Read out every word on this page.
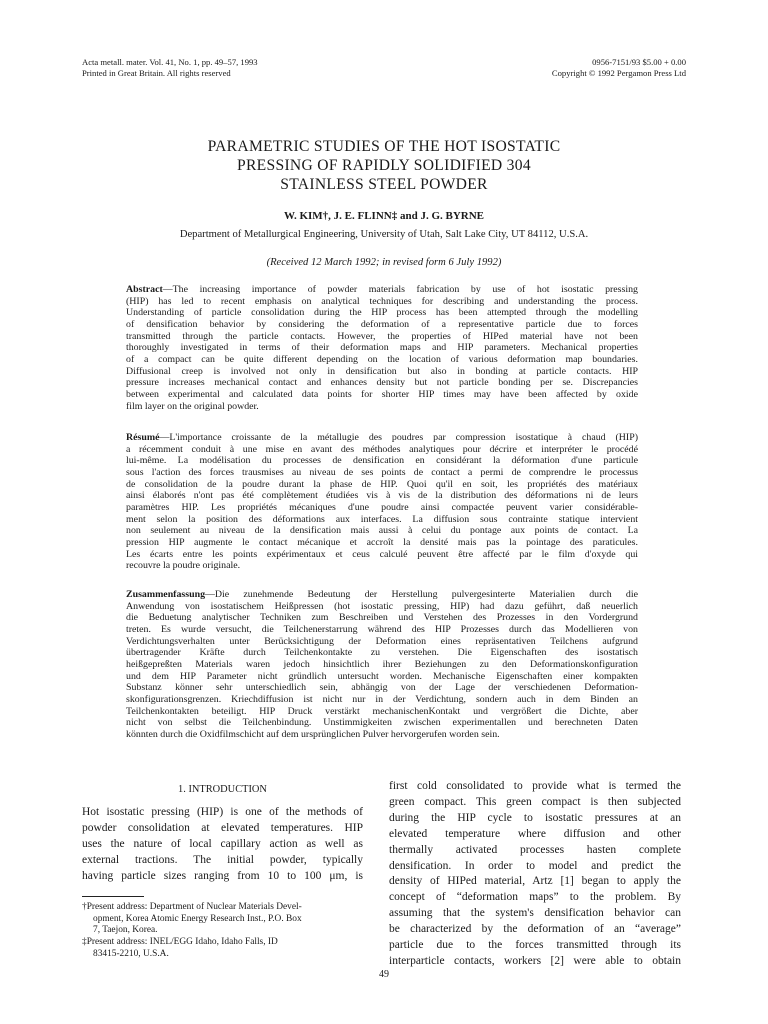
Acta metall. mater. Vol. 41, No. 1, pp. 49–57, 1993
Printed in Great Britain. All rights reserved
0956-7151/93 $5.00 + 0.00
Copyright © 1992 Pergamon Press Ltd
PARAMETRIC STUDIES OF THE HOT ISOSTATIC
PRESSING OF RAPIDLY SOLIDIFIED 304
STAINLESS STEEL POWDER
W. KIM†, J. E. FLINN‡ and J. G. BYRNE
Department of Metallurgical Engineering, University of Utah, Salt Lake City, UT 84112, U.S.A.
(Received 12 March 1992; in revised form 6 July 1992)
Abstract—The increasing importance of powder materials fabrication by use of hot isostatic pressing
(HIP) has led to recent emphasis on analytical techniques for describing and understanding the process.
Understanding of particle consolidation during the HIP process has been attempted through the modelling
of densification behavior by considering the deformation of a representative particle due to forces
transmitted through the particle contacts. However, the properties of HIPed material have not been
thoroughly investigated in terms of their deformation maps and HIP parameters. Mechanical properties
of a compact can be quite different depending on the location of various deformation map boundaries.
Diffusional creep is involved not only in densification but also in bonding at particle contacts. HIP
pressure increases mechanical contact and enhances density but not particle bonding per se. Discrepancies
between experimental and calculated data points for shorter HIP times may have been affected by oxide
film layer on the original powder.
Résumé—L'importance croissante de la métallugie des poudres par compression isostatique à chaud (HIP)
a récemment conduit à une mise en avant des méthodes analytiques pour décrire et interpréter le procédé
lui-même. La modélisation du processes de densification en considérant la déformation d'une particule
sous l'action des forces trausmises au niveau de ses points de contact a permi de comprendre le processus
de consolidation de la poudre durant la phase de HIP. Quoi qu'il en soit, les propriétés des matériaux
ainsi élaborés n'ont pas été complètement étudiées vis à vis de la distribution des déformations ni de leurs
paramètres HIP. Les propriétés mécaniques d'une poudre ainsi compactée peuvent varier considérable-
ment selon la position des déformations aux interfaces. La diffusion sous contrainte statique intervient
non seulement au niveau de la densification mais aussi à celui du pontage aux points de contact. La
pression HIP augmente le contact mécanique et accroît la densité mais pas la pointage des paraticules.
Les écarts entre les points expérimentaux et ceus calculé peuvent être affecté par le film d'oxyde qui
recouvre la poudre originale.
Zusammenfassung—Die zunehmende Bedeutung der Herstellung pulvergesinterte Materialien durch die
Anwendung von isostatischem Heißpressen (hot isostatic pressing, HIP) had dazu geführt, daß neuerlich
die Beduetung analytischer Techniken zum Beschreiben und Verstehen des Prozesses in den Vordergrund
treten. Es wurde versucht, die Teilchenerstarrung während des HIP Prozesses durch das Modellieren von
Verdichtungsverhalten unter Berücksichtigung der Deformation eines repräsentativen Teilchens aufgrund
übertragender Kräfte durch Teilchenkontakte zu verstehen. Die Eigenschaften des isostatisch
heißgepreßten Materials waren jedoch hinsichtlich ihrer Beziehungen zu den Deformationskonfiguration
und dem HIP Parameter nicht gründlich untersucht worden. Mechanische Eigenschaften einer kompakten
Substanz könner sehr unterschiedlich sein, abhängig von der Lage der verschiedenen Deformation-
skonfigurationsgrenzen. Kriechdiffusion ist nicht nur in der Verdichtung, sondern auch in dem Binden an
Teilchenkontakten beteiligt. HIP Druck verstärkt mechanischenKontakt und vergrößert die Dichte, aber
nicht von selbst die Teilchenbindung. Unstimmigkeiten zwischen experimentallen und berechneten Daten
könnten durch die Oxidfilmschicht auf dem ursprünglichen Pulver hervorgerufen worden sein.
1. INTRODUCTION
Hot isostatic pressing (HIP) is one of the methods of
powder consolidation at elevated temperatures. HIP
uses the nature of local capillary action as well as
external tractions. The initial powder, typically
having particle sizes ranging from 10 to 100 μm, is
†Present address: Department of Nuclear Materials Devel-
opment, Korea Atomic Energy Research Inst., P.O. Box
7, Taejon, Korea.
‡Present address: INEL/EGG Idaho, Idaho Falls, ID
83415-2210, U.S.A.
first cold consolidated to provide what is termed the
green compact. This green compact is then subjected
during the HIP cycle to isostatic pressures at an
elevated temperature where diffusion and other
thermally activated processes hasten complete
densification. In order to model and predict the
density of HIPed material, Artz [1] began to apply the
concept of “deformation maps” to the problem. By
assuming that the system's densification behavior can
be characterized by the deformation of an “average”
particle due to the forces transmitted through its
interparticle contacts, workers [2] were able to obtain
49
